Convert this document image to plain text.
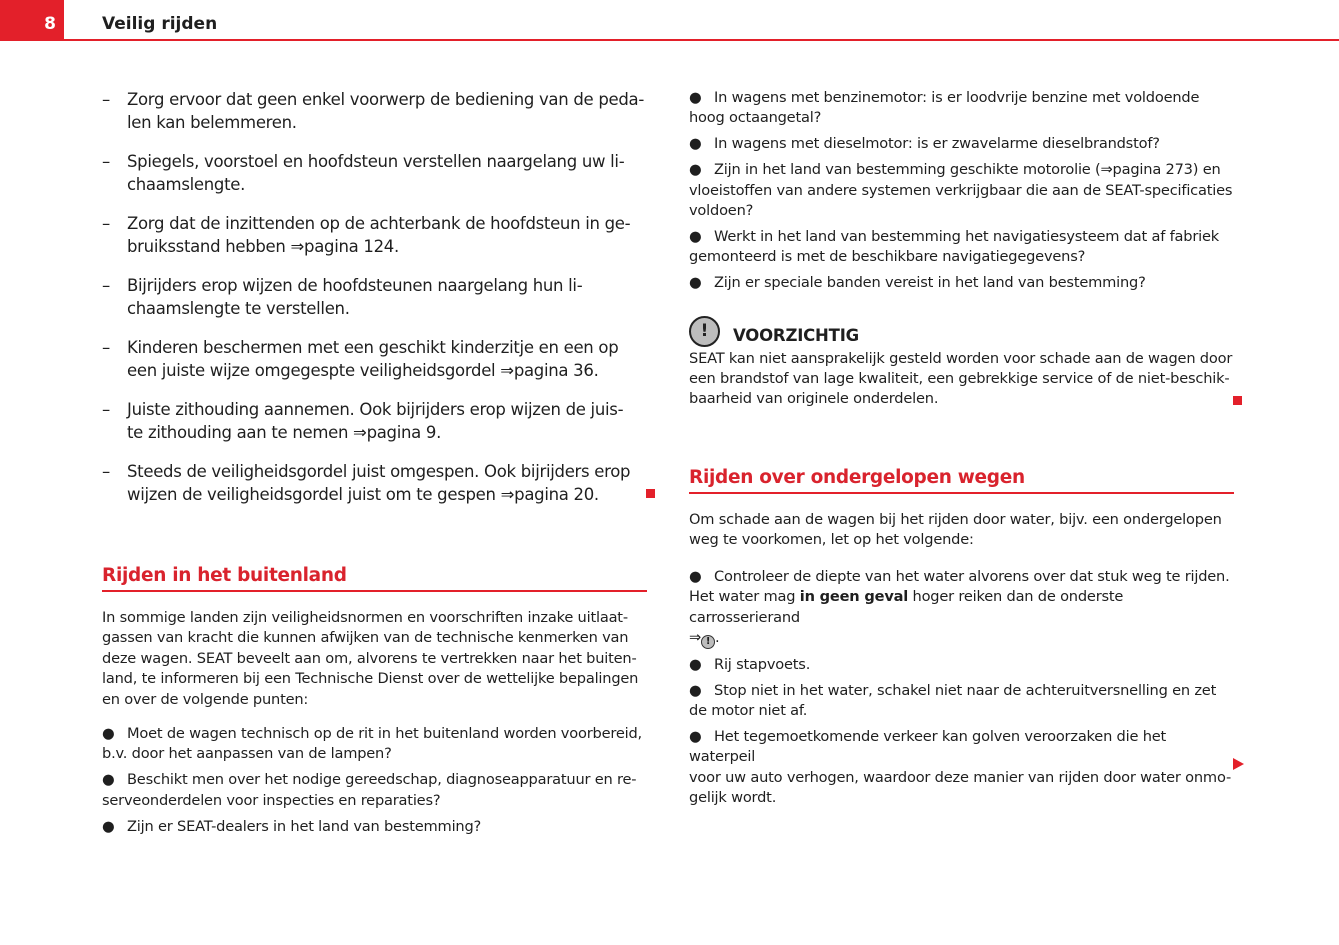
8	Veilig rijden
– Zorg ervoor dat geen enkel voorwerp de bediening van de peda-
len kan belemmeren.
– Spiegels, voorstoel en hoofdsteun verstellen naargelang uw li-
chaamslengte.
– Zorg dat de inzittenden op de achterbank de hoofdsteun in ge-
bruiksstand hebben ⇒pagina 124.
– Bijrijders erop wijzen de hoofdsteunen naargelang hun li-
chaamslengte te verstellen.
– Kinderen beschermen met een geschikt kinderzitje en een op
een juiste wijze omgegespte veiligheidsgordel ⇒pagina 36.
– Juiste zithouding aannemen. Ook bijrijders erop wijzen de juis-
te zithouding aan te nemen ⇒pagina 9.
– Steeds de veiligheidsgordel juist omgespen. Ook bijrijders erop
wijzen de veiligheidsgordel juist om te gespen ⇒pagina 20.
Rijden in het buitenland

In sommige landen zijn veiligheidsnormen en voorschriften inzake uitlaat-
gassen van kracht die kunnen afwijken van de technische kenmerken van
deze wagen. SEAT beveelt aan om, alvorens te vertrekken naar het buiten-
land, te informeren bij een Technische Dienst over de wettelijke bepalingen
en over de volgende punten:

● Moet de wagen technisch op de rit in het buitenland worden voorbereid,
b.v. door het aanpassen van de lampen?
● Beschikt men over het nodige gereedschap, diagnoseapparatuur en re-
serveonderdelen voor inspecties en reparaties?
● Zijn er SEAT-dealers in het land van bestemming?
● In wagens met benzinemotor: is er loodvrije benzine met voldoende
hoog octaangetal?
● In wagens met dieselmotor: is er zwavelarme dieselbrandstof?
● Zijn in het land van bestemming geschikte motorolie (⇒pagina 273) en
vloeistoffen van andere systemen verkrijgbaar die aan de SEAT-specificaties
voldoen?
● Werkt in het land van bestemming het navigatiesysteem dat af fabriek
gemonteerd is met de beschikbare navigatiegegevens?
● Zijn er speciale banden vereist in het land van bestemming?
!	VOORZICHTIG

SEAT kan niet aansprakelijk gesteld worden voor schade aan de wagen door
een brandstof van lage kwaliteit, een gebrekkige service of de niet-beschik-
baarheid van originele onderdelen.

Rijden over ondergelopen wegen

Om schade aan de wagen bij het rijden door water, bijv. een ondergelopen
weg te voorkomen, let op het volgende:

● Controleer de diepte van het water alvorens over dat stuk weg te rijden.
Het water mag in geen geval hoger reiken dan de onderste carrosserierand
⇒ ! .
● Rij stapvoets.
● Stop niet in het water, schakel niet naar de achteruitversnelling en zet
de motor niet af.
● Het tegemoetkomende verkeer kan golven veroorzaken die het waterpeil
voor uw auto verhogen, waardoor deze manier van rijden door water onmo-
gelijk wordt.
